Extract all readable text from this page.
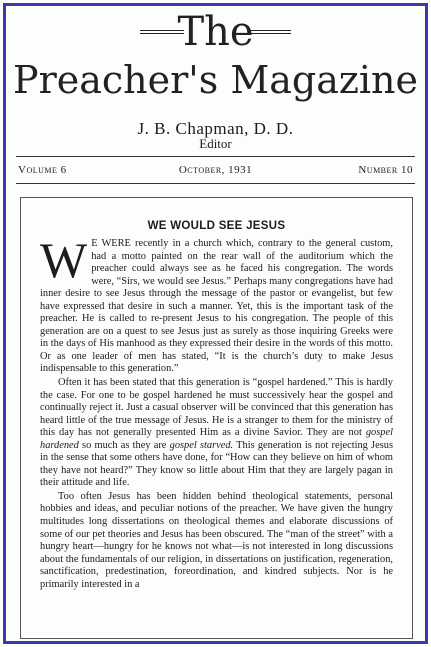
The
Preacher's Magazine
J. B. Chapman, D. D.
Editor
Volume 6	October, 1931	Number 10
WE WOULD SEE JESUS

W E WERE recently in a church which, contrary to the general custom, had a motto painted on the rear wall of the auditorium which the preacher could always see as he faced his congregation. The words were, “Sirs, we would see Jesus.” Perhaps many congregations have had inner desire to see Jesus through the message of the pastor or evangelist, but few have expressed that desire in such a manner. Yet, this is the important task of the preacher. He is called to re-present Jesus to his congregation. The people of this generation are on a quest to see Jesus just as surely as those inquiring Greeks were in the days of His manhood as they expressed their desire in the words of this motto. Or as one leader of men has stated, “It is the church’s duty to make Jesus indispensable to this generation.”

Often it has been stated that this generation is “gospel hardened.” This is hardly the case. For one to be gospel hardened he must successively hear the gospel and continually reject it. Just a casual observer will be convinced that this generation has heard little of the true message of Jesus. He is a stranger to them for the ministry of this day has not generally presented Him as a divine Savior. They are not gospel hardened so much as they are gospel starved. This generation is not rejecting Jesus in the sense that some others have done, for “How can they believe on him of whom they have not heard?” They know so little about Him that they are largely pagan in their attitude and life.

Too often Jesus has been hidden behind theological statements, personal hobbies and ideas, and peculiar notions of the preacher. We have given the hungry multitudes long dissertations on theological themes and elaborate discussions of some of our pet theories and Jesus has been obscured. The “man of the street” with a hungry heart—hungry for he knows not what—is not interested in long discussions about the fundamentals of our religion, in dissertations on justification, regeneration, sanctification, predestination, foreordination, and kindred subjects. Nor is he primarily interested in a
